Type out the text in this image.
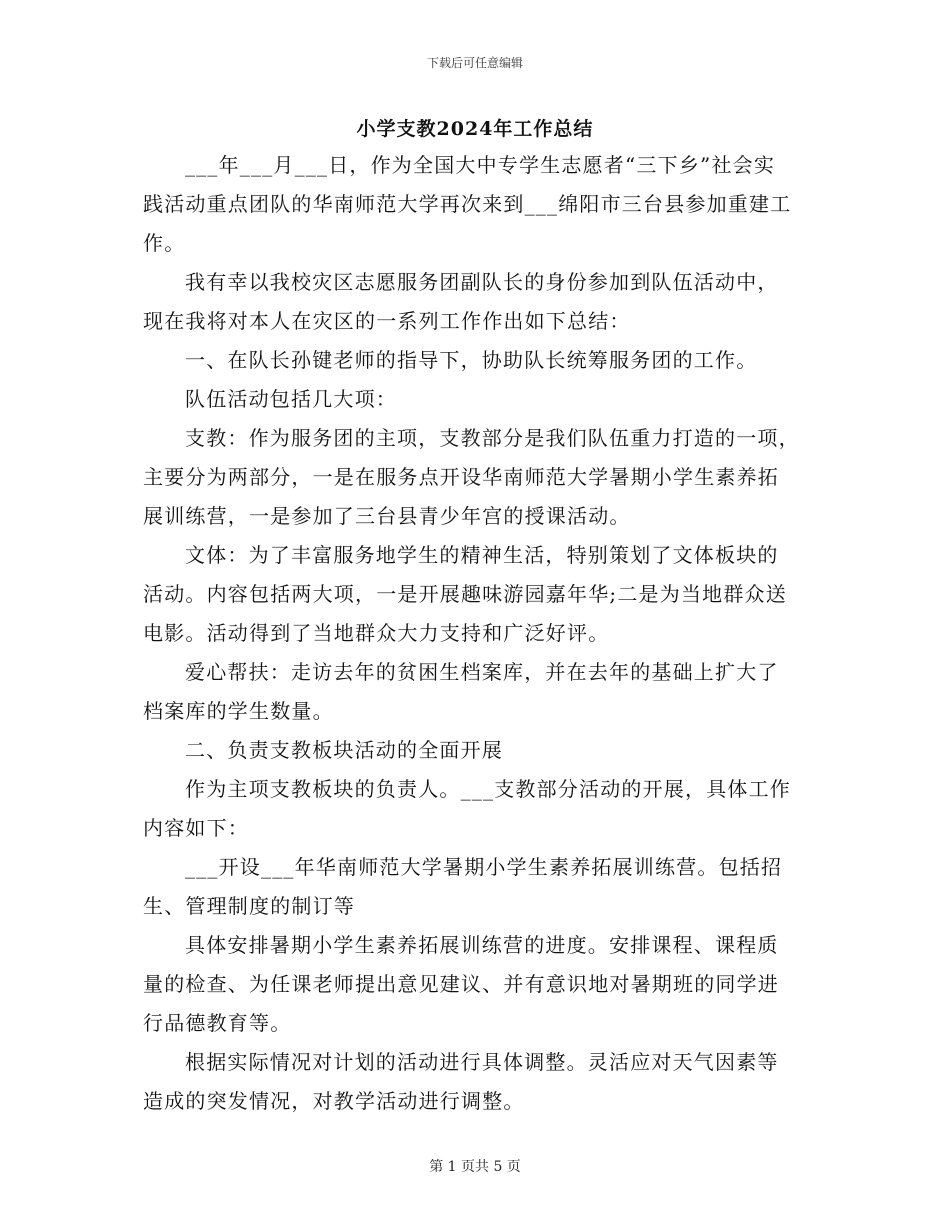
下载后可任意编辑
小学支教2024年工作总结

___年___月___日，作为全国大中专学生志愿者“三下乡”社会实
践活动重点团队的华南师范大学再次来到___绵阳市三台县参加重建工
作。

我有幸以我校灾区志愿服务团副队长的身份参加到队伍活动中，
现在我将对本人在灾区的一系列工作作出如下总结：

一、在队长孙键老师的指导下，协助队长统筹服务团的工作。

队伍活动包括几大项：

支教：作为服务团的主项，支教部分是我们队伍重力打造的一项，
主要分为两部分，一是在服务点开设华南师范大学暑期小学生素养拓
展训练营，一是参加了三台县青少年宫的授课活动。

文体：为了丰富服务地学生的精神生活，特别策划了文体板块的
活动。内容包括两大项，一是开展趣味游园嘉年华;二是为当地群众送
电影。活动得到了当地群众大力支持和广泛好评。

爱心帮扶：走访去年的贫困生档案库，并在去年的基础上扩大了
档案库的学生数量。

二、负责支教板块活动的全面开展

作为主项支教板块的负责人。___支教部分活动的开展，具体工作
内容如下：

___开设___年华南师范大学暑期小学生素养拓展训练营。包括招
生、管理制度的制订等

具体安排暑期小学生素养拓展训练营的进度。安排课程、课程质
量的检查、为任课老师提出意见建议、并有意识地对暑期班的同学进
行品德教育等。

根据实际情况对计划的活动进行具体调整。灵活应对天气因素等
造成的突发情况，对教学活动进行调整。

第 1 页共 5 页
